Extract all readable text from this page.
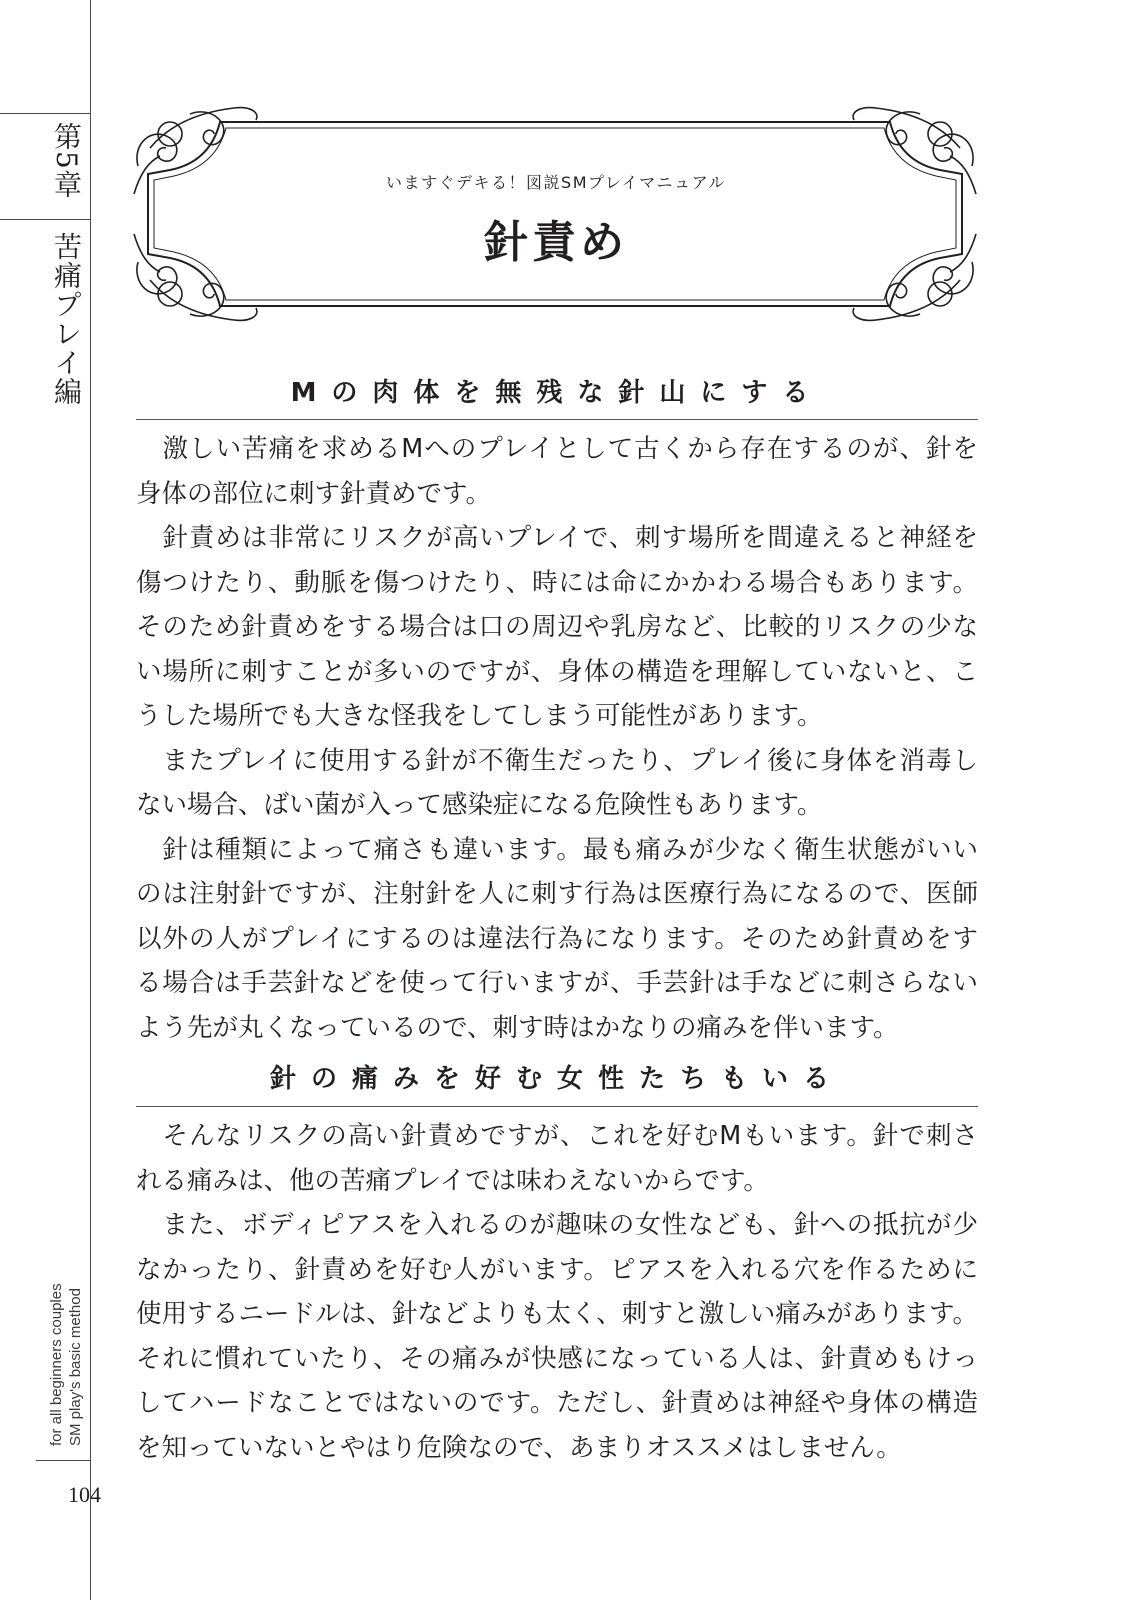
第5章
苦痛プレイ編
SM play's basic method
for all beginners couples
104
いますぐデキる！図説SMプレイマニュアル
針責め
Mの肉体を無残な針山にする
　激しい苦痛を求めるMへのプレイとして古くから存在するのが、針を
身体の部位に刺す針責めです。
　針責めは非常にリスクが高いプレイで、刺す場所を間違えると神経を
傷つけたり、動脈を傷つけたり、時には命にかかわる場合もあります。
そのため針責めをする場合は口の周辺や乳房など、比較的リスクの少な
い場所に刺すことが多いのですが、身体の構造を理解していないと、こ
うした場所でも大きな怪我をしてしまう可能性があります。
　またプレイに使用する針が不衛生だったり、プレイ後に身体を消毒し
ない場合、ばい菌が入って感染症になる危険性もあります。
　針は種類によって痛さも違います。最も痛みが少なく衛生状態がいい
のは注射針ですが、注射針を人に刺す行為は医療行為になるので、医師
以外の人がプレイにするのは違法行為になります。そのため針責めをす
る場合は手芸針などを使って行いますが、手芸針は手などに刺さらない
よう先が丸くなっているので、刺す時はかなりの痛みを伴います。
針の痛みを好む女性たちもいる
　そんなリスクの高い針責めですが、これを好むMもいます。針で刺さ
れる痛みは、他の苦痛プレイでは味わえないからです。
　また、ボディピアスを入れるのが趣味の女性なども、針への抵抗が少
なかったり、針責めを好む人がいます。ピアスを入れる穴を作るために
使用するニードルは、針などよりも太く、刺すと激しい痛みがあります。
それに慣れていたり、その痛みが快感になっている人は、針責めもけっ
してハードなことではないのです。ただし、針責めは神経や身体の構造
を知っていないとやはり危険なので、あまりオススメはしません。
